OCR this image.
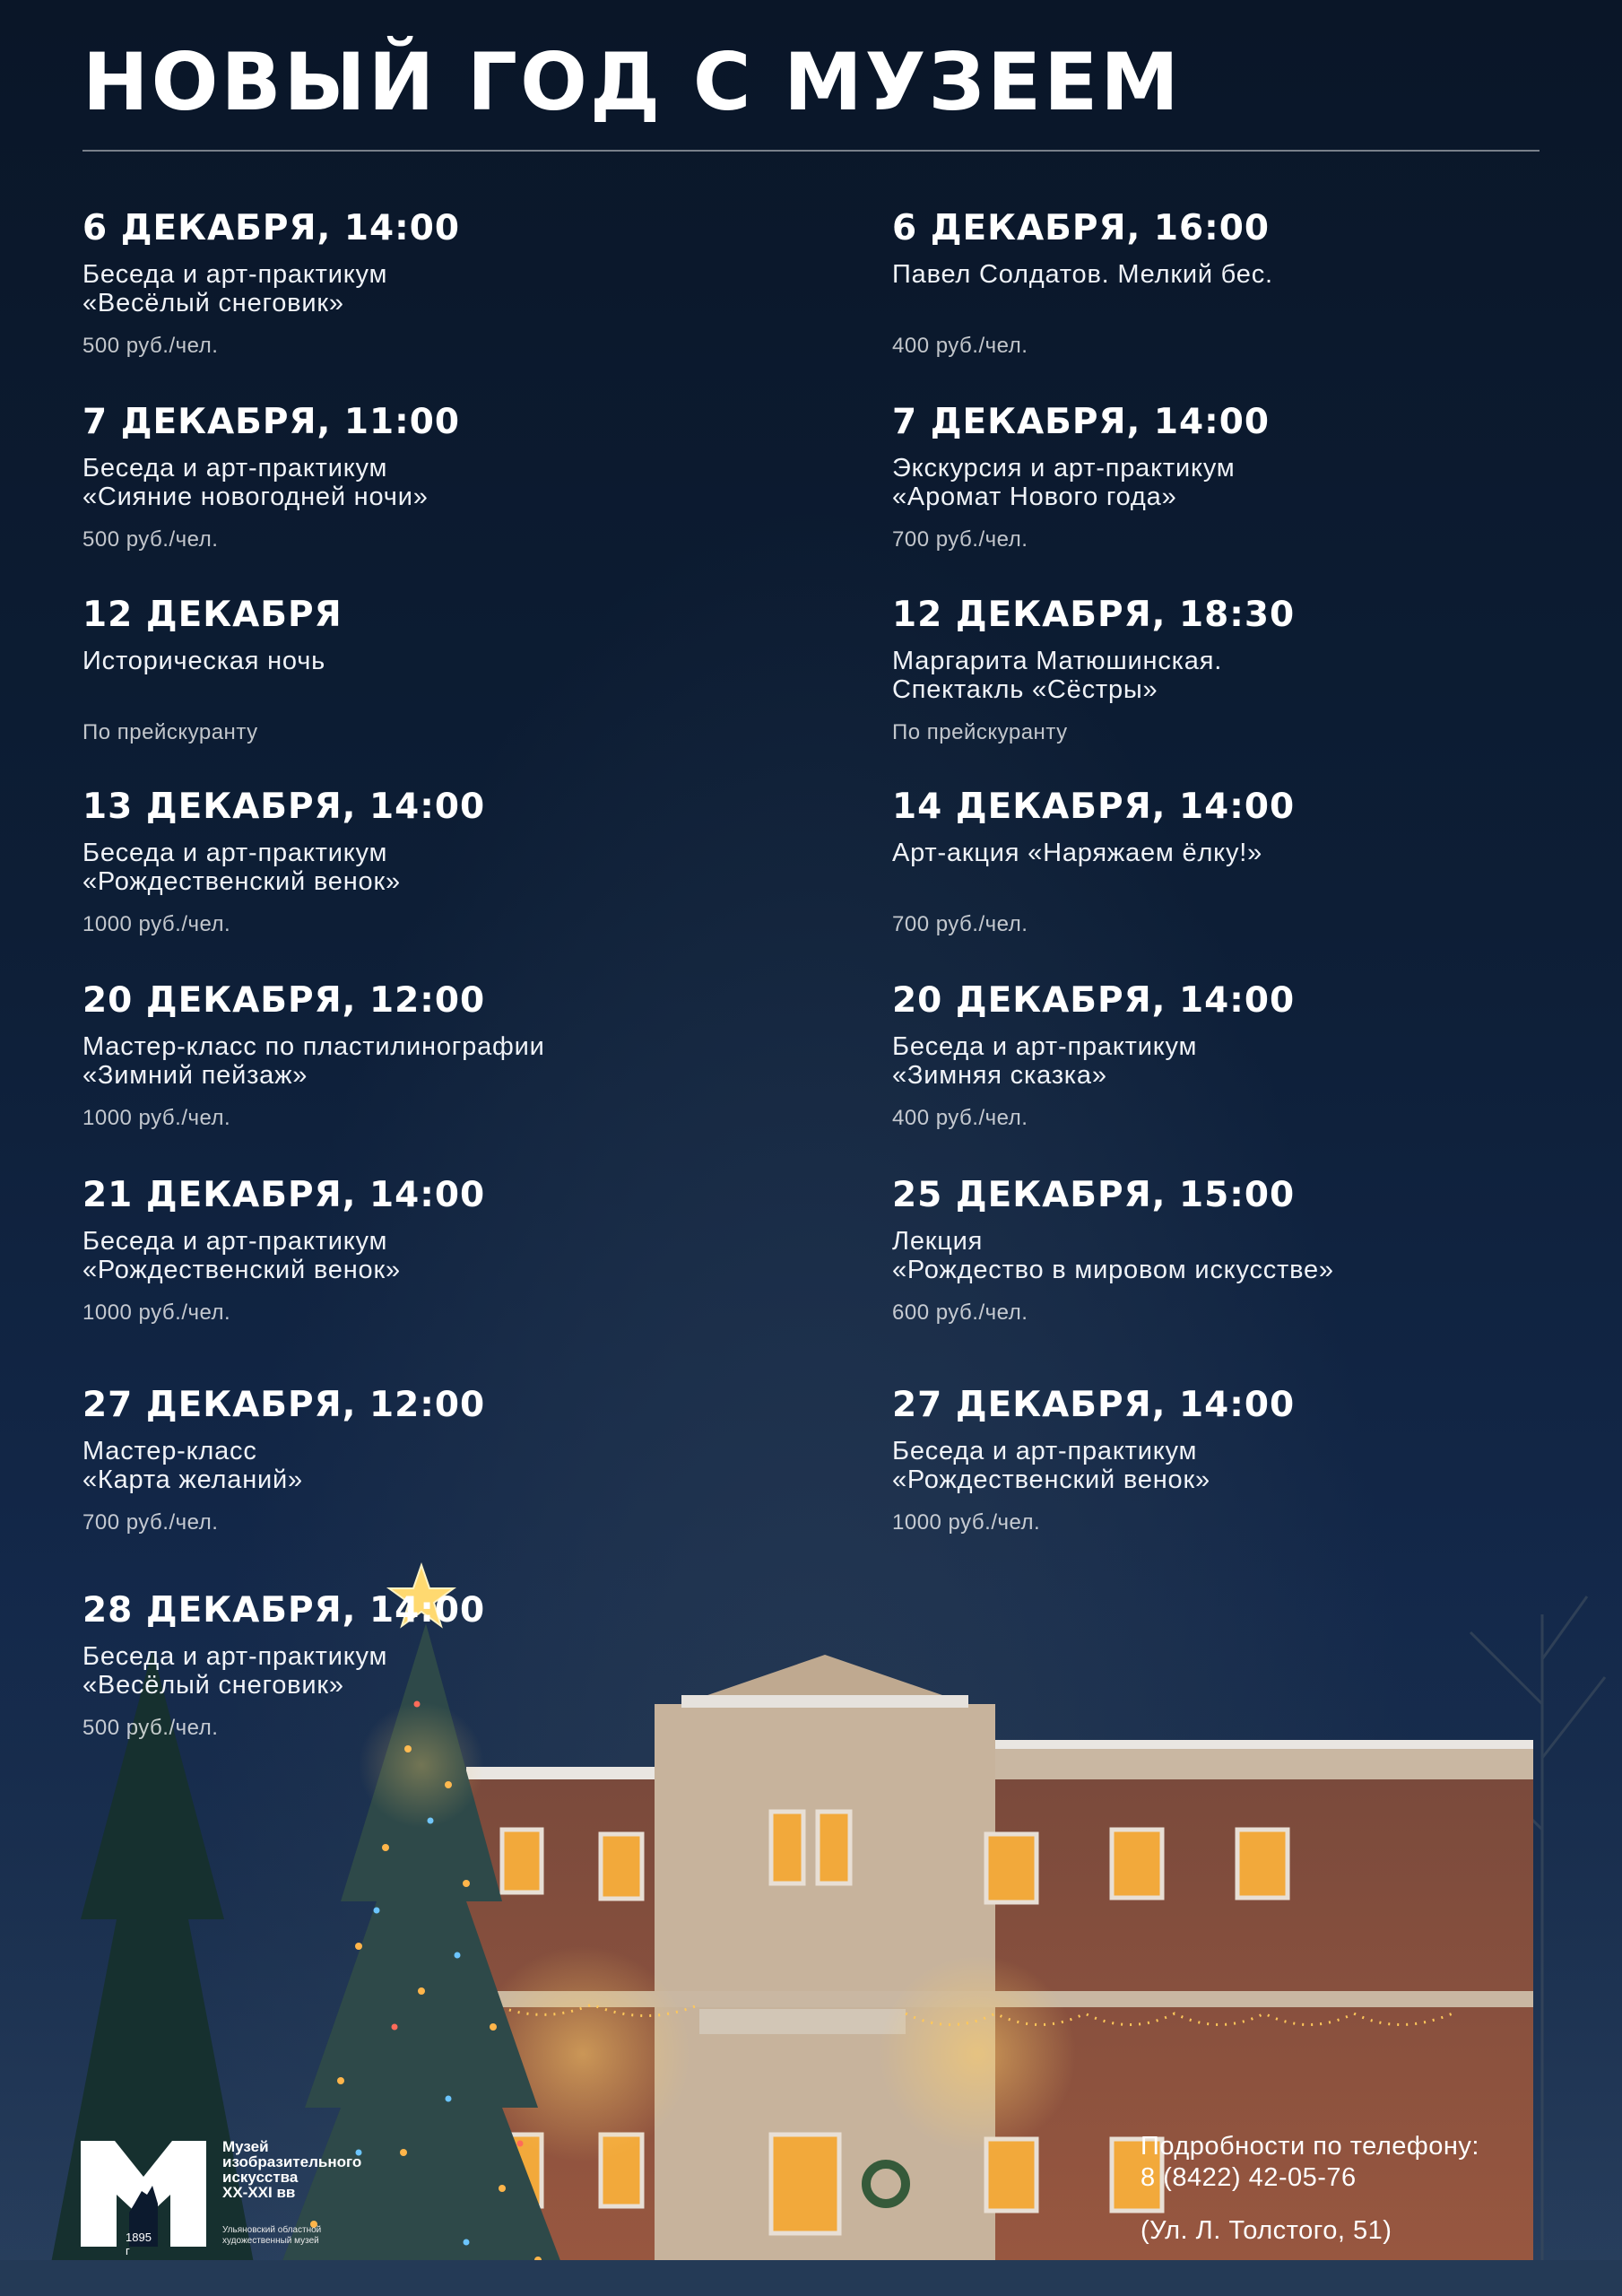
НОВЫЙ ГОД С МУЗЕЕМ
6 ДЕКАБРЯ, 14:00
Беседа и арт-практикум
«Весёлый снеговик»
500 руб./чел.
6 ДЕКАБРЯ, 16:00
Павел Солдатов. Мелкий бес.
400 руб./чел.
7 ДЕКАБРЯ, 11:00
Беседа и арт-практикум
«Сияние новогодней ночи»
500 руб./чел.
7 ДЕКАБРЯ, 14:00
Экскурсия и арт-практикум
«Аромат Нового года»
700 руб./чел.
12 ДЕКАБРЯ
Историческая ночь
По прейскуранту
12 ДЕКАБРЯ, 18:30
Маргарита Матюшинская.
Спектакль «Сёстры»
По прейскуранту
13 ДЕКАБРЯ, 14:00
Беседа и арт-практикум
«Рождественский венок»
1000 руб./чел.
14 ДЕКАБРЯ, 14:00
Арт-акция «Наряжаем ёлку!»
700 руб./чел.
20 ДЕКАБРЯ, 12:00
Мастер-класс по пластилинографии
«Зимний пейзаж»
1000 руб./чел.
20 ДЕКАБРЯ, 14:00
Беседа и арт-практикум
«Зимняя сказка»
400 руб./чел.
21 ДЕКАБРЯ, 14:00
Беседа и арт-практикум
«Рождественский венок»
1000 руб./чел.
25 ДЕКАБРЯ, 15:00
Лекция
«Рождество в мировом искусстве»
600 руб./чел.
27 ДЕКАБРЯ, 12:00
Мастер-класс
«Карта желаний»
700 руб./чел.
27 ДЕКАБРЯ, 14:00
Беседа и арт-практикум
«Рождественский венок»
1000 руб./чел.
28 ДЕКАБРЯ, 14:00
Беседа и арт-практикум
«Весёлый снеговик»
500 руб./чел.
1895 г
Музей
изобразительного
искусства
XX-XXI вв
Ульяновский областной
художественный музей
Подробности по телефону:
8 (8422) 42-05-76
(Ул. Л. Толстого, 51)
